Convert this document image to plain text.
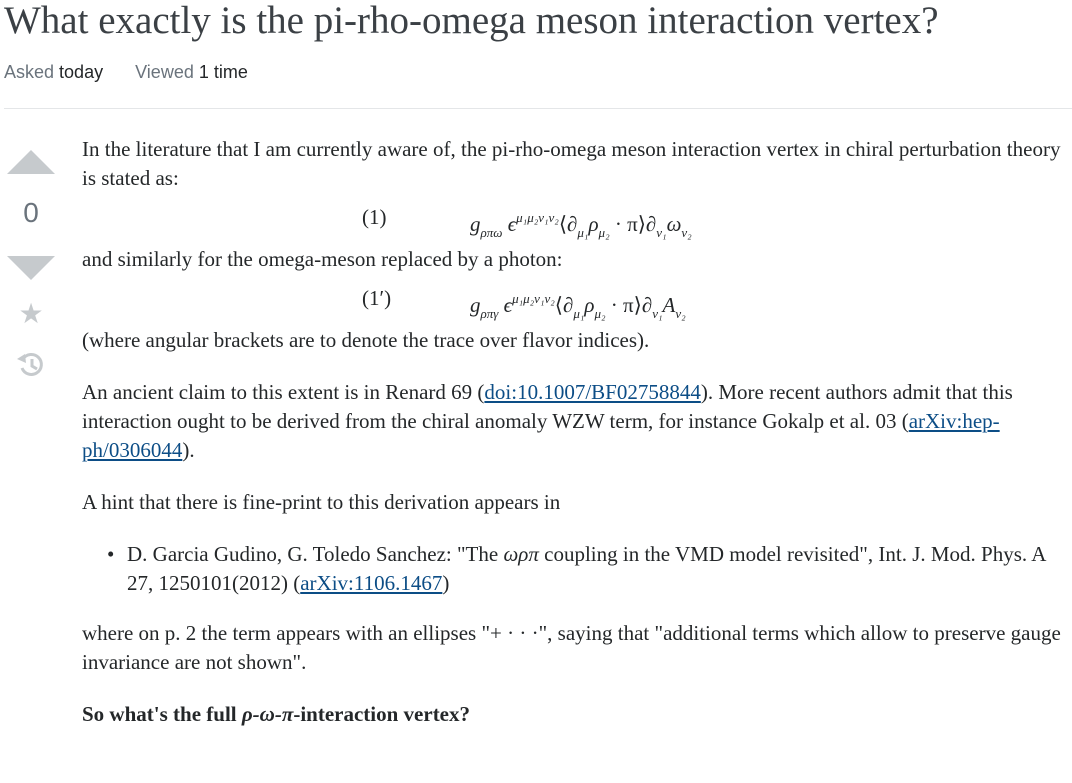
What exactly is the pi-rho-omega meson interaction vertex?
Asked today Viewed 1 time
0
★

In the literature that I am currently aware of, the pi-rho-omega meson interaction vertex in chiral perturbation theory is stated as:

(1)	$g_{\rho\pi\omega}$ $\epsilon^{\mu_1\mu_2\nu_1\nu_2}⟨\partial_{\mu_1}\rho_{\mu_2}$ · $\pi⟩\partial_{\nu_1}\omega_{\nu_2}$

and similarly for the omega-meson replaced by a photon:

(1′)	$g_{\rho\pi\gamma}$ $\epsilon^{\mu_1\mu_2\nu_1\nu_2}⟨\partial_{\mu_1}\rho_{\mu_2}$ · $\pi⟩\partial_{\nu_1}A_{\nu_2}$

(where angular brackets are to denote the trace over flavor indices).

An ancient claim to this extent is in Renard 69 (doi:10.1007/BF02758844). More recent authors admit that this interaction ought to be derived from the chiral anomaly WZW term, for instance Gokalp et al. 03 (arXiv:hep-ph/0306044).

A hint that there is fine-print to this derivation appears in

• D. Garcia Gudino, G. Toledo Sanchez: "The ωρπ coupling in the VMD model revisited", Int. J. Mod. Phys. A 27, 1250101(2012) (arXiv:1106.1467)

where on p. 2 the term appears with an ellipses "+ · · ·", saying that "additional terms which allow to preserve gauge invariance are not shown".

So what's the full ρ-ω-π-interaction vertex?
